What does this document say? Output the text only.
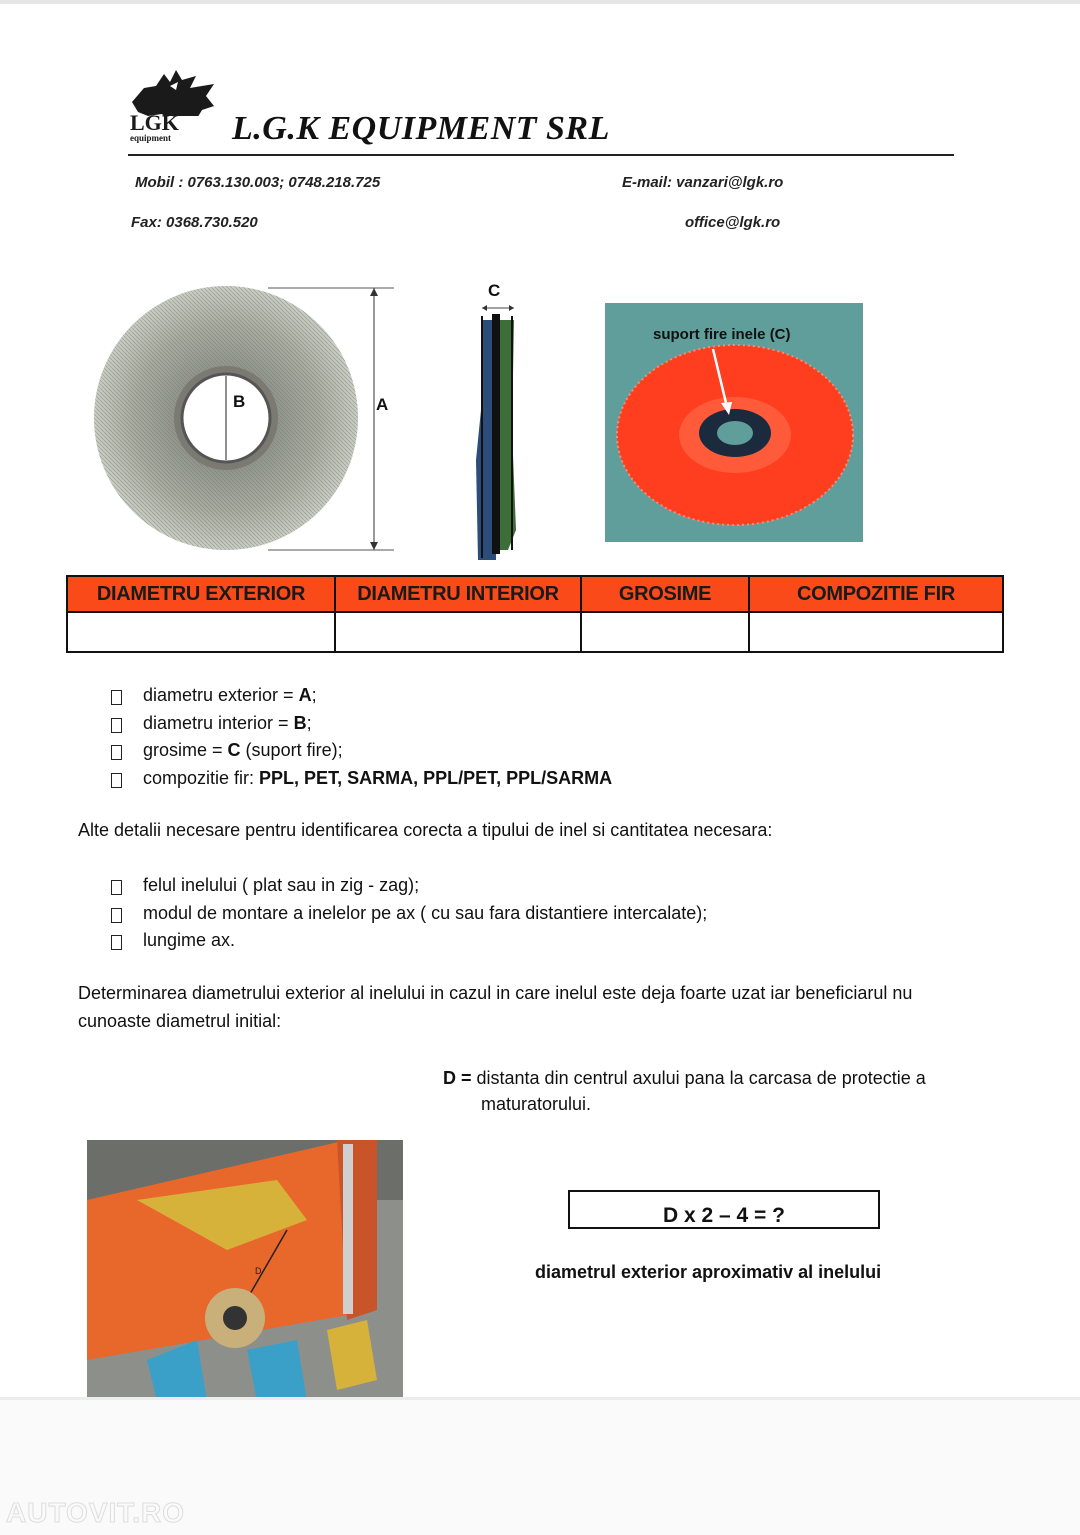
LGK
equipment L.G.K EQUIPMENT SRL
Mobil : 0763.130.003; 0748.218.725
Fax: 0368.730.520
E-mail: vanzari@lgk.ro
office@lgk.ro
B	A
C
suport fire inele (C)
DIAMETRU EXTERIOR	DIAMETRU INTERIOR	GROSIME	COMPOZITIE FIR

diametru exterior = A;
diametru interior = B;
grosime = C (suport fire);
compozitie fir: PPL, PET, SARMA, PPL/PET, PPL/SARMA
Alte detalii necesare pentru identificarea corecta a tipului de inel si cantitatea necesara:
felul inelului ( plat sau in zig - zag);
modul de montare a inelelor pe ax ( cu sau fara distantiere intercalate);
lungime ax.
Determinarea diametrului exterior al inelului in cazul in care inelul este deja foarte uzat iar beneficiarul nu cunoaste diametrul initial:
D = distanta din centrul axului pana la carcasa de protectie a
maturatorului.
D
D x 2 – 4 = ?
diametrul exterior aproximativ al inelului
AUTOVIT.RO
